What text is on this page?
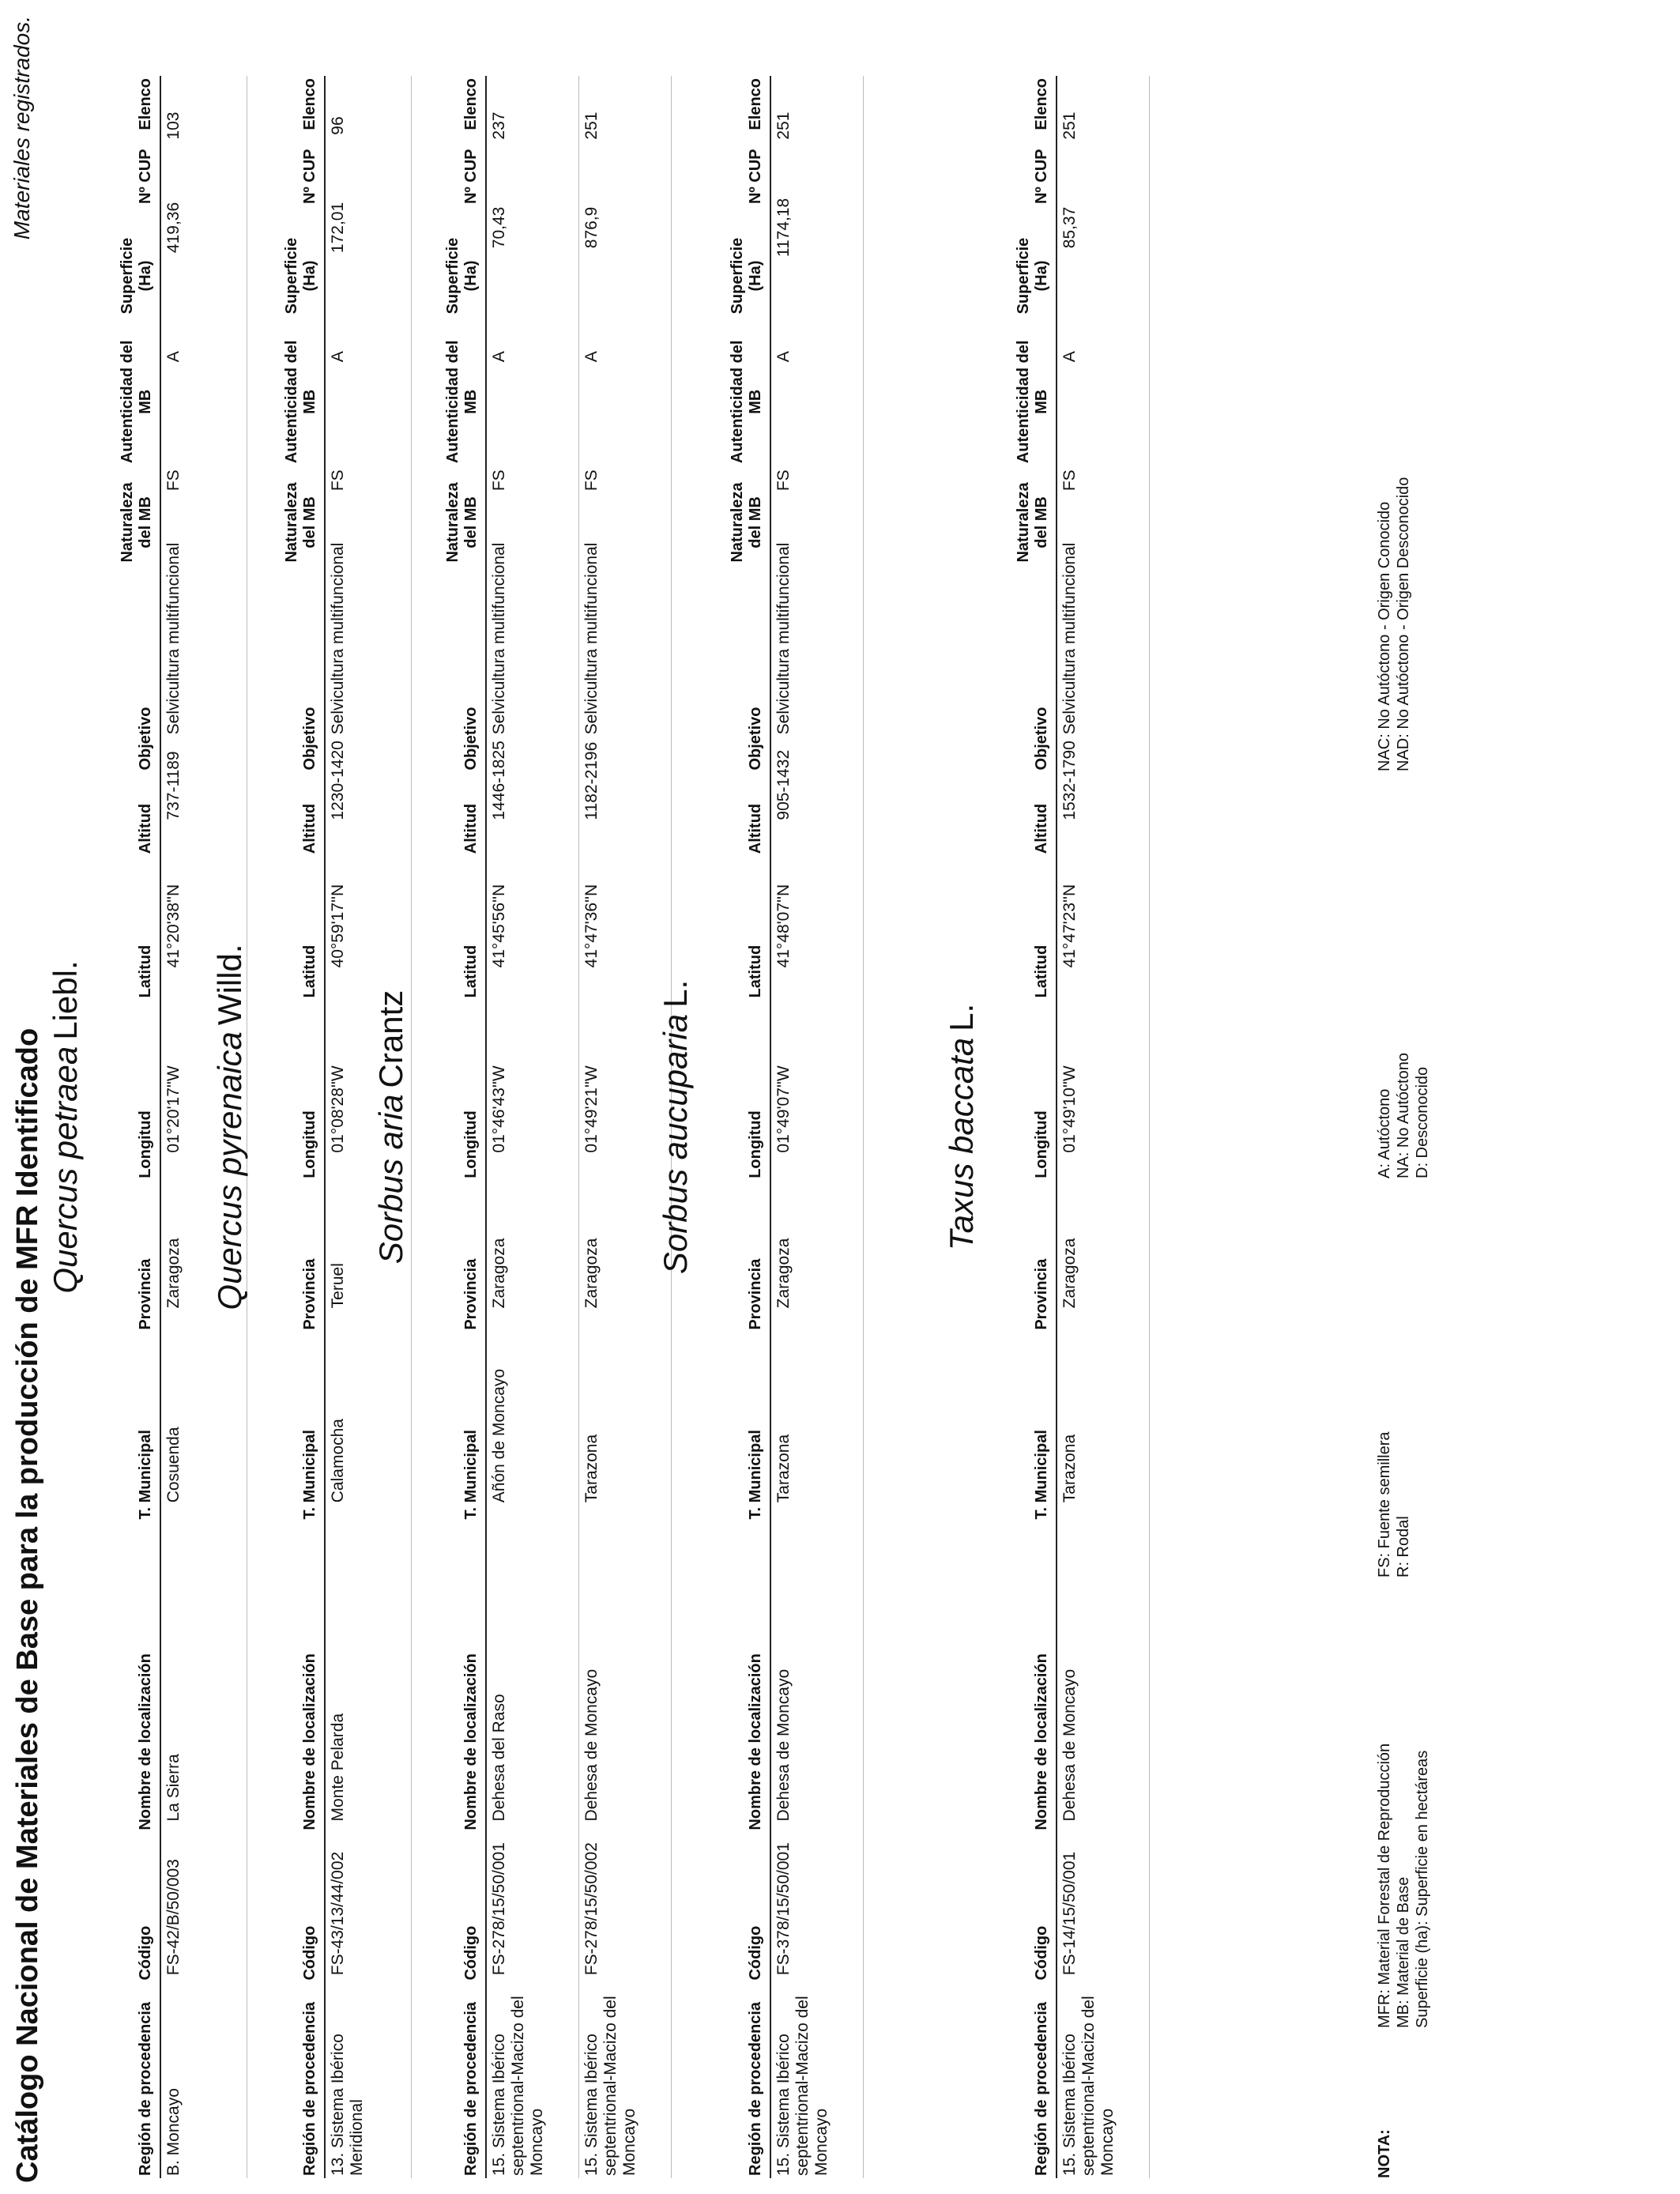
Catálogo Nacional de Materiales de Base para la producción de MFR Identificado
Materiales registrados.
Quercus petraeaLiebl.
Región de procedencia
Código
Nombre de localización
T. Municipal
Provincia
Longitud
Latitud
Altitud
Objetivo
Naturaleza del MB
Autenticidad del MB
Superficie (Ha)
Nº CUP
Elenco
B. Moncayo
FS-42/B/50/003
La Sierra
Cosuenda
Zaragoza
01°20'17''W
41°20'38''N
737-1189
Selvicultura multifuncional
FS
A
419,36
103
Quercus pyrenaicaWilld.
Región de procedencia
Código
Nombre de localización
T. Municipal
Provincia
Longitud
Latitud
Altitud
Objetivo
Naturaleza del MB
Autenticidad del MB
Superficie (Ha)
Nº CUP
Elenco
13. Sistema Ibérico Meridional
FS-43/13/44/002
Monte Pelarda
Calamocha
Teruel
01°08'28''W
40°59'17''N
1230-1420
Selvicultura multifuncional
FS
A
172,01
96
Sorbus ariaCrantz
Región de procedencia
Código
Nombre de localización
T. Municipal
Provincia
Longitud
Latitud
Altitud
Objetivo
Naturaleza del MB
Autenticidad del MB
Superficie (Ha)
Nº CUP
Elenco
15. Sistema Ibérico septentrional-Macizo del Moncayo
FS-278/15/50/001
Dehesa del Raso
Añón de Moncayo
Zaragoza
01°46'43''W
41°45'56''N
1446-1825
Selvicultura multifuncional
FS
A
70,43
237
15. Sistema Ibérico septentrional-Macizo del Moncayo
FS-278/15/50/002
Dehesa de Moncayo
Tarazona
Zaragoza
01°49'21''W
41°47'36''N
1182-2196
Selvicultura multifuncional
FS
A
876,9
251
Sorbus aucupariaL.
Región de procedencia
Código
Nombre de localización
T. Municipal
Provincia
Longitud
Latitud
Altitud
Objetivo
Naturaleza del MB
Autenticidad del MB
Superficie (Ha)
Nº CUP
Elenco
15. Sistema Ibérico septentrional-Macizo del Moncayo
FS-378/15/50/001
Dehesa de Moncayo
Tarazona
Zaragoza
01°49'07''W
41°48'07''N
905-1432
Selvicultura multifuncional
FS
A
1174,18
251
Taxus baccataL.
Región de procedencia
Código
Nombre de localización
T. Municipal
Provincia
Longitud
Latitud
Altitud
Objetivo
Naturaleza del MB
Autenticidad del MB
Superficie (Ha)
Nº CUP
Elenco
15. Sistema Ibérico septentrional-Macizo del Moncayo
FS-14/15/50/001
Dehesa de Moncayo
Tarazona
Zaragoza
01°49'10''W
41°47'23''N
1532-1790
Selvicultura multifuncional
FS
A
85,37
251
NOTA:
MFR: Material Forestal de Reproducción MB: Material de Base Superficie (ha): Superficie en hectáreas
FS: Fuente semillera R: Rodal
A: Autóctono NA: No Autóctono D: Desconocido
NAC: No Autóctono - Origen Conocido NAD: No Autóctono - Origen Desconocido
